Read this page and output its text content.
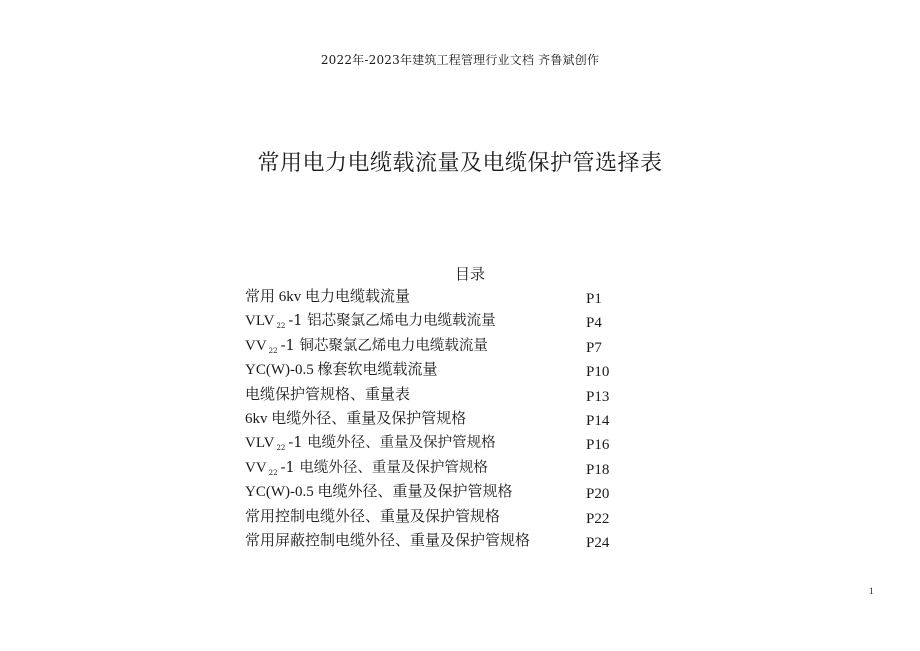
2022年-2023年建筑工程管理行业文档 齐鲁斌创作
常用电力电缆载流量及电缆保护管选择表
目录
常用 6kv 电力电缆载流量	P1
VLV $_{22}$ -1 铝芯聚氯乙烯电力电缆载流量	P4
VV $_{22}$ -1 铜芯聚氯乙烯电力电缆载流量	P7
YC(W)-0.5 橡套软电缆载流量	P10
电缆保护管规格、重量表	P13
6kv 电缆外径、重量及保护管规格	P14
VLV $_{22}$ -1 电缆外径、重量及保护管规格	P16
VV $_{22}$ -1 电缆外径、重量及保护管规格	P18
YC(W)-0.5 电缆外径、重量及保护管规格	P20
常用控制电缆外径、重量及保护管规格	P22
常用屏蔽控制电缆外径、重量及保护管规格	P24
1
